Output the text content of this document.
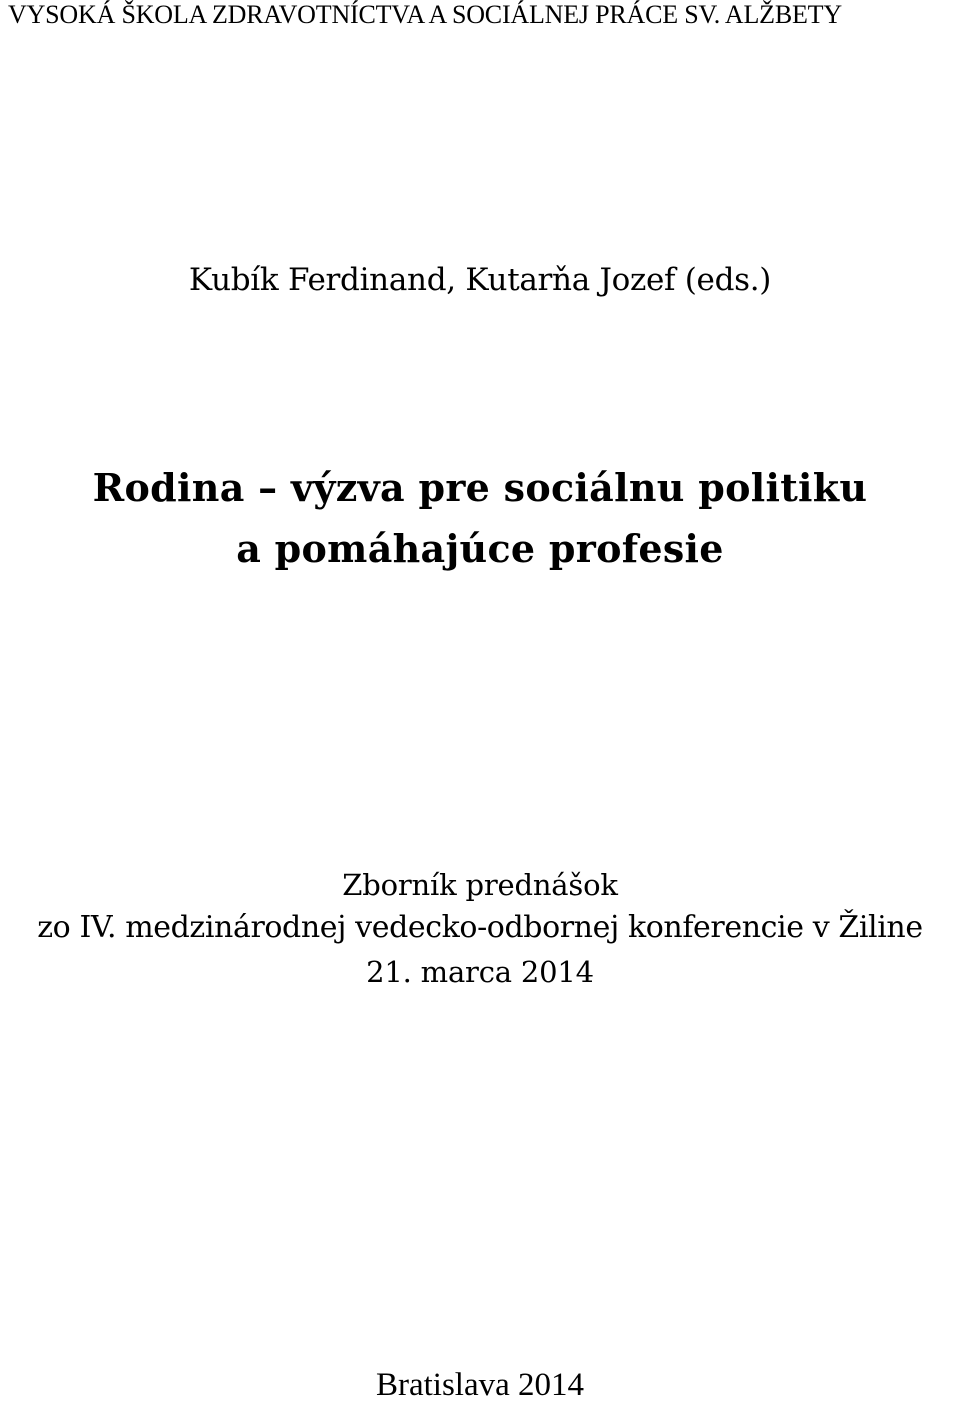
VYSOKÁ ŠKOLA ZDRAVOTNÍCTVA A SOCIÁLNEJ PRÁCE SV. ALŽBETY

Kubík Ferdinand, Kutarňa Jozef (eds.)

Rodina – výzva pre sociálnu politiku

a pomáhajúce profesie

Zborník prednášok

zo IV. medzinárodnej vedecko-odbornej konferencie v Žiline

21. marca 2014

Bratislava 2014
